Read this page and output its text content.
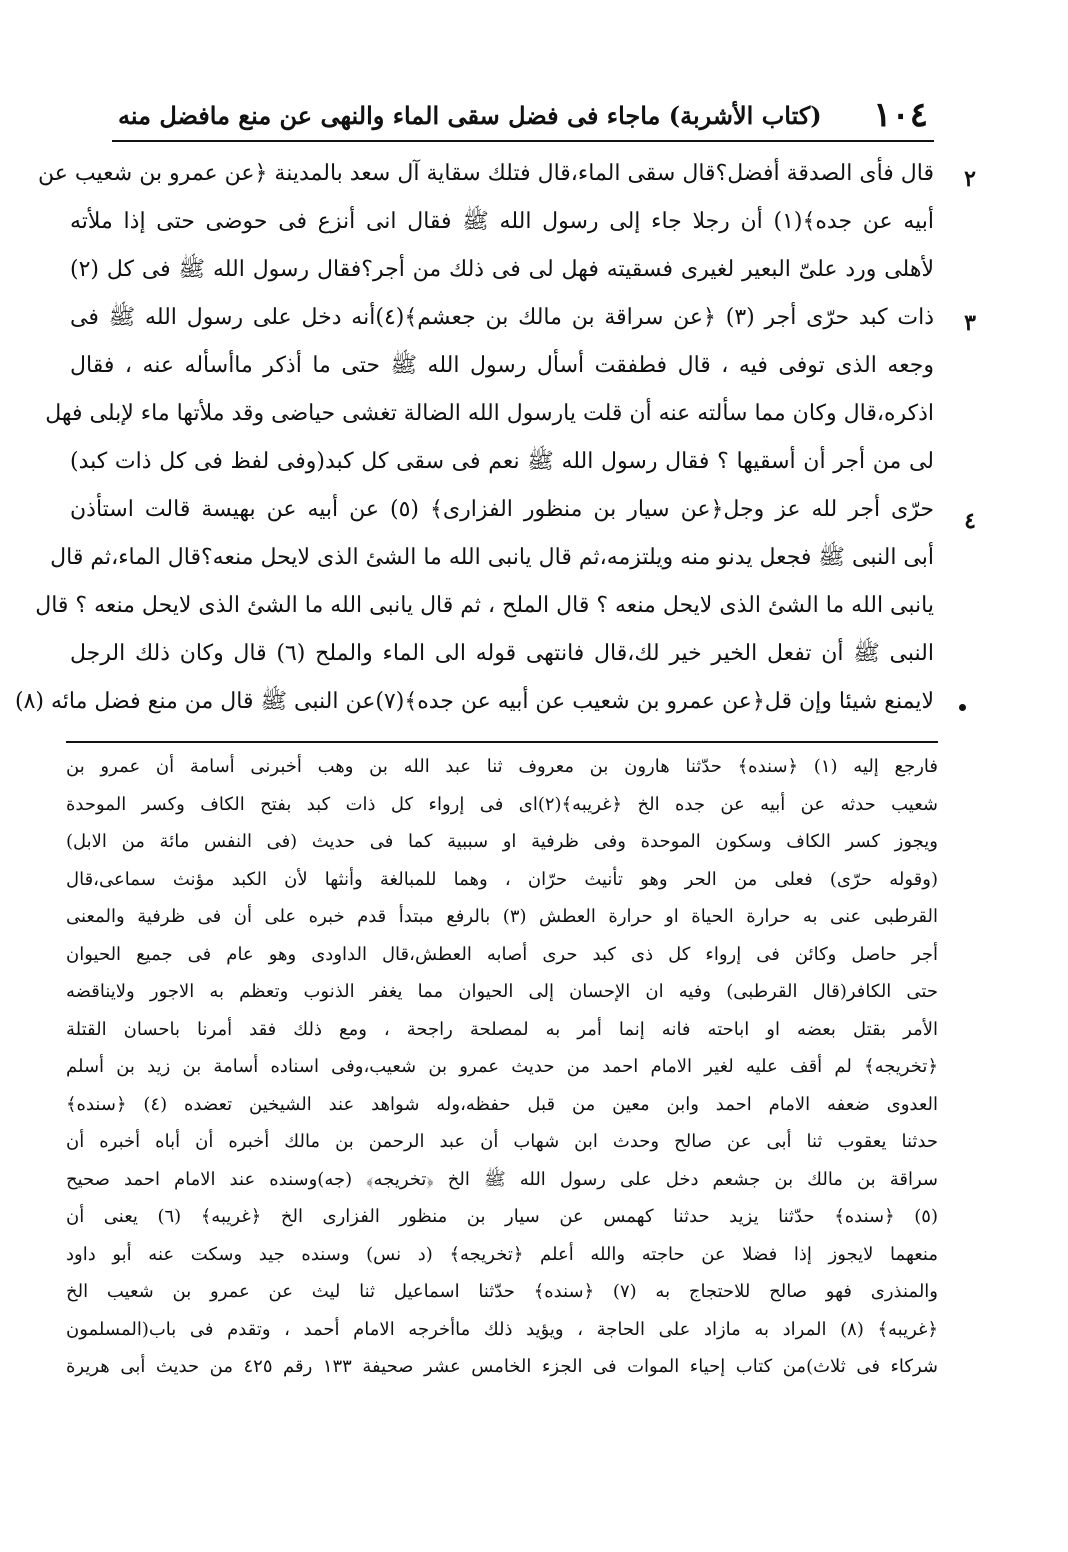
١٠٤
(كتاب الأشربة) ماجاء فى فضل سقى الماء والنهى عن منع مافضل منه
٢
٣
٤
قال فأى الصدقة أفضل؟قال سقى الماء،قال فتلك سقاية آل سعد بالمدينة ﴿عن عمرو بن شعيب عن
أبيه عن جده﴾(١) أن رجلا جاء إلى رسول الله ﷺ فقال انى أنزع فى حوضى حتى إذا ملأته
لأهلى ورد علىّ البعير لغيرى فسقيته فهل لى فى ذلك من أجر؟فقال رسول الله ﷺ فى كل (٢)
ذات كبد حرّى أجر (٣) ﴿عن سراقة بن مالك بن جعشم﴾(٤)أنه دخل على رسول الله ﷺ فى
وجعه الذى توفى فيه ، قال فطفقت أسأل رسول الله ﷺ حتى ما أذكر ماأسأله عنه ، فقال
اذكره،قال وكان مما سألته عنه أن قلت يارسول الله الضالة تغشى حياضى وقد ملأتها ماء لإبلى فهل
لى من أجر أن أسقيها ؟ فقال رسول الله ﷺ نعم فى سقى كل كبد(وفى لفظ فى كل ذات كبد)
حرّى أجر لله عز وجل﴿عن سيار بن منظور الفزارى﴾ (٥) عن أبيه عن بهيسة قالت استأذن
أبى النبى ﷺ فجعل يدنو منه ويلتزمه،ثم قال يانبى الله ما الشئ الذى لايحل منعه؟قال الماء،ثم قال
يانبى الله ما الشئ الذى لايحل منعه ؟ قال الملح ، ثم قال يانبى الله ما الشئ الذى لايحل منعه ؟ قال
النبى ﷺ أن تفعل الخير خير لك،قال فانتهى قوله الى الماء والملح (٦) قال وكان ذلك الرجل
لايمنع شيئا وإن قل﴿عن عمرو بن شعيب عن أبيه عن جده﴾(٧)عن النبى ﷺ قال من منع فضل مائه (٨)
فارجع إليه (١) ﴿سنده﴾ حدّثنا هارون بن معروف ثنا عبد الله بن وهب أخبرنى أسامة أن عمرو بن
شعيب حدثه عن أبيه عن جده الخ ﴿غريبه﴾(٢)اى فى إرواء كل ذات كبد بفتح الكاف وكسر الموحدة
ويجوز كسر الكاف وسكون الموحدة وفى ظرفية او سببية كما فى حديث (فى النفس مائة من الابل)
(وقوله حرّى) فعلى من الحر وهو تأنيث حرّان ، وهما للمبالغة وأنثها لأن الكبد مؤنث سماعى،قال
القرطبى عنى به حرارة الحياة او حرارة العطش (٣) بالرفع مبتدأ قدم خبره على أن فى ظرفية والمعنى
أجر حاصل وكائن فى إرواء كل ذى كبد حرى أصابه العطش،قال الداودى وهو عام فى جميع الحيوان
حتى الكافر(قال القرطبى) وفيه ان الإحسان إلى الحيوان مما يغفر الذنوب وتعظم به الاجور ولايناقضه
الأمر بقتل بعضه او اباحته فانه إنما أمر به لمصلحة راجحة ، ومع ذلك فقد أمرنا باحسان القتلة
﴿تخريجه﴾ لم أقف عليه لغير الامام احمد من حديث عمرو بن شعيب،وفى اسناده أسامة بن زيد بن أسلم
العدوى ضعفه الامام احمد وابن معين من قبل حفظه،وله شواهد عند الشيخين تعضده (٤) ﴿سنده﴾
حدثنا يعقوب ثنا أبى عن صالح وحدث ابن شهاب أن عبد الرحمن بن مالك أخبره أن أباه أخبره أن
سراقة بن مالك بن جشعم دخل على رسول الله ﷺ الخ ﴿تخريجه﴾ (جه)وسنده عند الامام احمد صحيح
(٥) ﴿سنده﴾ حدّثنا يزيد حدثنا كهمس عن سيار بن منظور الفزارى الخ ﴿غريبه﴾ (٦) يعنى أن
منعهما لايجوز إذا فضلا عن حاجته والله أعلم ﴿تخريجه﴾ (د نس) وسنده جيد وسكت عنه أبو داود
والمنذرى فهو صالح للاحتجاج به (٧) ﴿سنده﴾ حدّثنا اسماعيل ثنا ليث عن عمرو بن شعيب الخ
﴿غريبه﴾ (٨) المراد به مازاد على الحاجة ، ويؤيد ذلك ماأخرجه الامام أحمد ، وتقدم فى باب(المسلمون
شركاء فى ثلاث)من كتاب إحياء الموات فى الجزء الخامس عشر صحيفة ١٣٣ رقم ٤٢٥ من حديث أبى هريرة
